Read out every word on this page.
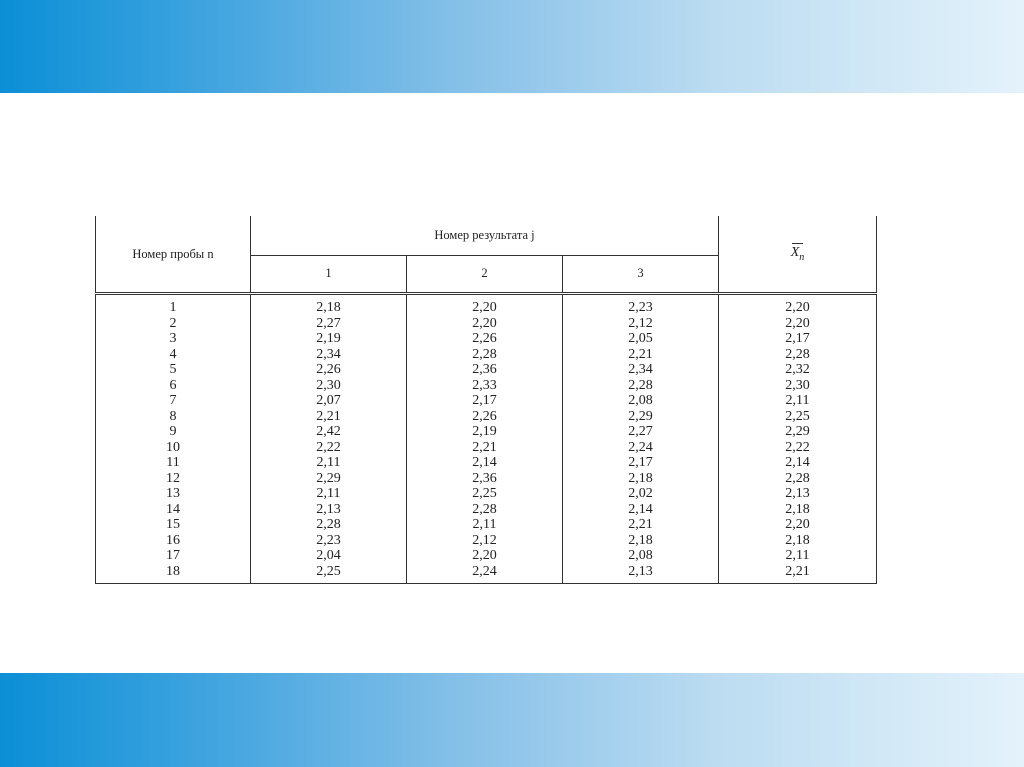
Номер пробы n	Номер результата j			$X_n$
	1	2	3	
1	2,18	2,20	2,23	2,20
2	2,27	2,20	2,12	2,20
3	2,19	2,26	2,05	2,17
4	2,34	2,28	2,21	2,28
5	2,26	2,36	2,34	2,32
6	2,30	2,33	2,28	2,30
7	2,07	2,17	2,08	2,11
8	2,21	2,26	2,29	2,25
9	2,42	2,19	2,27	2,29
10	2,22	2,21	2,24	2,22
11	2,11	2,14	2,17	2,14
12	2,29	2,36	2,18	2,28
13	2,11	2,25	2,02	2,13
14	2,13	2,28	2,14	2,18
15	2,28	2,11	2,21	2,20
16	2,23	2,12	2,18	2,18
17	2,04	2,20	2,08	2,11
18	2,25	2,24	2,13	2,21
